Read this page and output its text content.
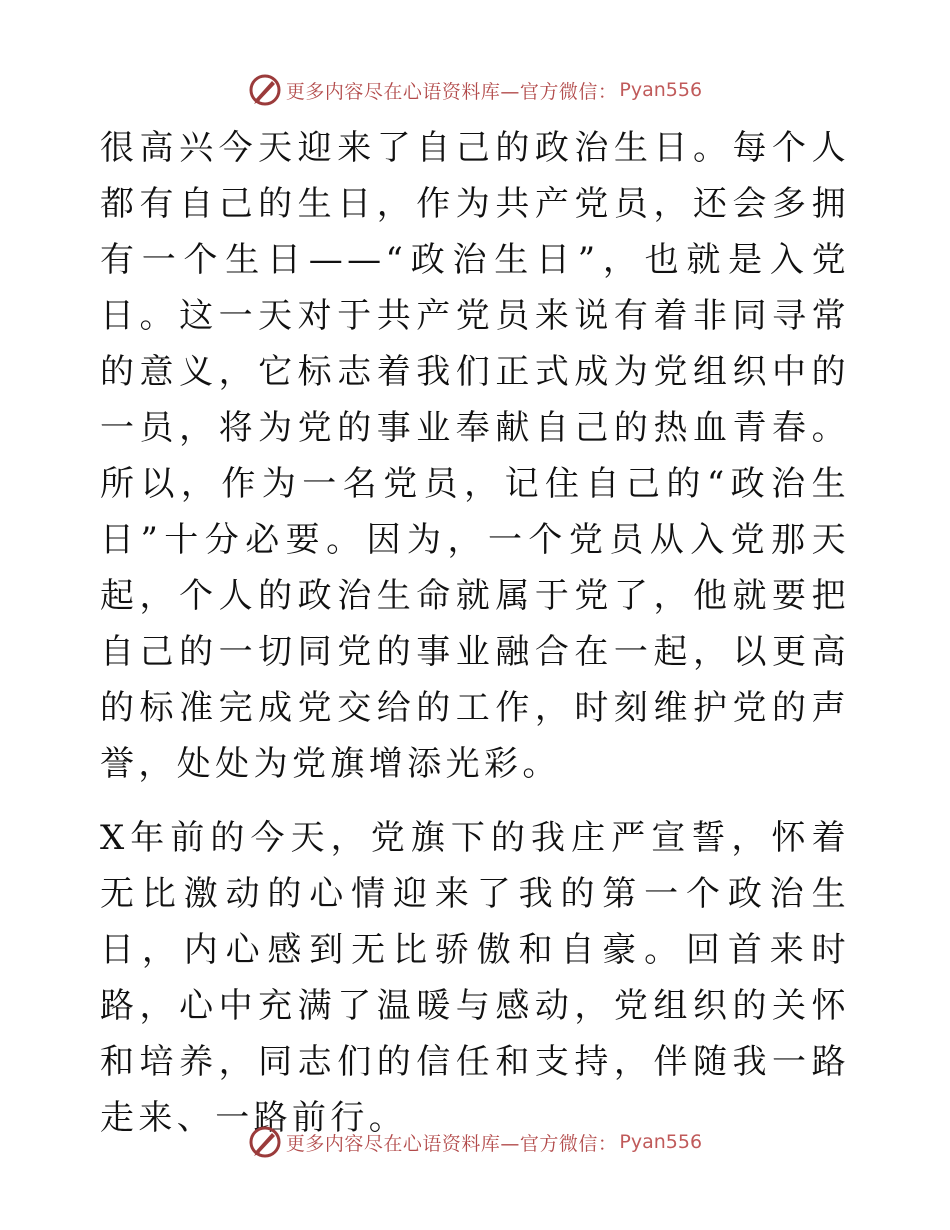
更多内容尽在心语资料库—官方微信： Pyan556

很高兴今天迎来了自己的政治生日。每个人都有自己的生日，作为共产党员，还会多拥有一个生日——“政治生日”，也就是入党日。这一天对于共产党员来说有着非同寻常的意义，它标志着我们正式成为党组织中的一员，将为党的事业奉献自己的热血青春。所以，作为一名党员，记住自己的“政治生日”十分必要。因为，一个党员从入党那天起，个人的政治生命就属于党了，他就要把自己的一切同党的事业融合在一起，以更高的标准完成党交给的工作，时刻维护党的声誉，处处为党旗增添光彩。

X年前的今天，党旗下的我庄严宣誓，怀着无比激动的心情迎来了我的第一个政治生日，内心感到无比骄傲和自豪。回首来时路，心中充满了温暖与感动，党组织的关怀和培养，同志们的信任和支持，伴随我一路走来、一路前行。

更多内容尽在心语资料库—官方微信： Pyan556
